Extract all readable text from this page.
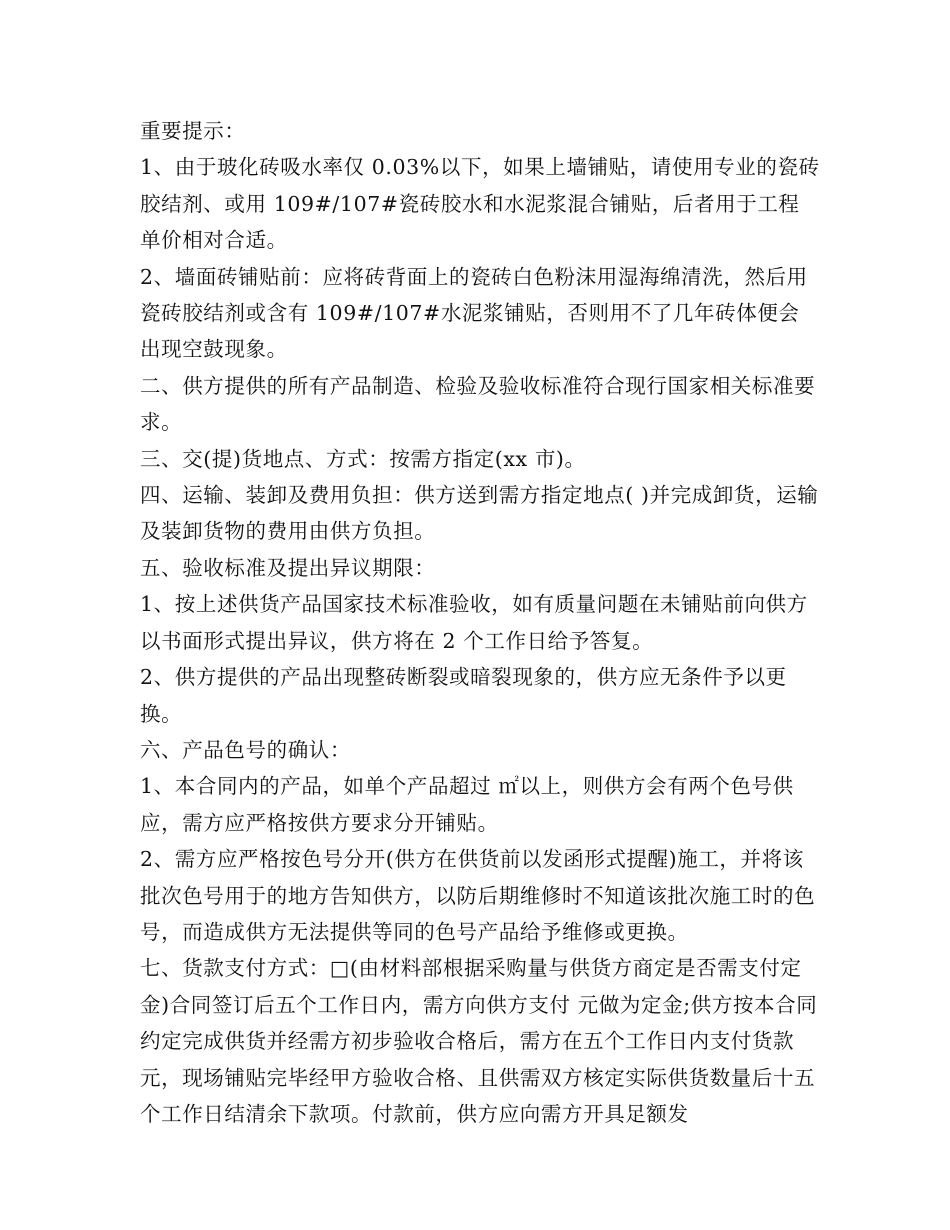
重要提示：

1、由于玻化砖吸水率仅 0.03%以下，如果上墙铺贴，请使用专业的瓷砖胶结剂、或用 109#/107#瓷砖胶水和水泥浆混合铺贴，后者用于工程单价相对合适。

2、墙面砖铺贴前：应将砖背面上的瓷砖白色粉沫用湿海绵清洗，然后用瓷砖胶结剂或含有 109#/107#水泥浆铺贴，否则用不了几年砖体便会出现空鼓现象。

二、供方提供的所有产品制造、检验及验收标准符合现行国家相关标准要求。

三、交(提)货地点、方式：按需方指定(xx 市)。

四、运输、装卸及费用负担：供方送到需方指定地点( )并完成卸货，运输及装卸货物的费用由供方负担。

五、验收标准及提出异议期限：

1、按上述供货产品国家技术标准验收，如有质量问题在未铺贴前向供方以书面形式提出异议，供方将在 2 个工作日给予答复。

2、供方提供的产品出现整砖断裂或暗裂现象的，供方应无条件予以更换。

六、产品色号的确认：

1、本合同内的产品，如单个产品超过 ㎡以上，则供方会有两个色号供应，需方应严格按供方要求分开铺贴。

2、需方应严格按色号分开(供方在供货前以发函形式提醒)施工，并将该批次色号用于的地方告知供方，以防后期维修时不知道该批次施工时的色号，而造成供方无法提供等同的色号产品给予维修或更换。

七、货款支付方式：□(由材料部根据采购量与供货方商定是否需支付定金)合同签订后五个工作日内，需方向供方支付 元做为定金;供方按本合同约定完成供货并经需方初步验收合格后，需方在五个工作日内支付货款 元，现场铺贴完毕经甲方验收合格、且供需双方核定实际供货数量后十五个工作日结清余下款项。付款前，供方应向需方开具足额发
